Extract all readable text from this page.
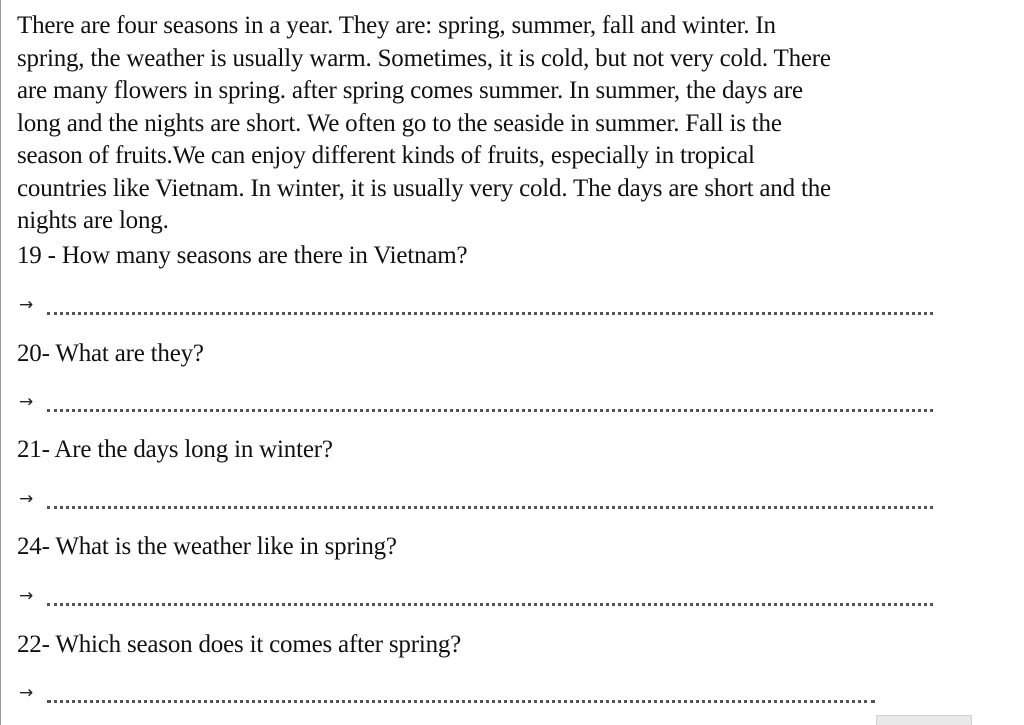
There are four seasons in a year. They are: spring, summer, fall and winter. In
spring, the weather is usually warm. Sometimes, it is cold, but not very cold. There
are many flowers in spring. after spring comes summer. In summer, the days are
long and the nights are short. We often go to the seaside in summer. Fall is the
season of fruits.We can enjoy different kinds of fruits, especially in tropical
countries like Vietnam. In winter, it is usually very cold. The days are short and the
nights are long.
19 - How many seasons are there in Vietnam?
→
20- What are they?
→
21- Are the days long in winter?
→
24- What is the weather like in spring?
→
22- Which season does it comes after spring?
→
